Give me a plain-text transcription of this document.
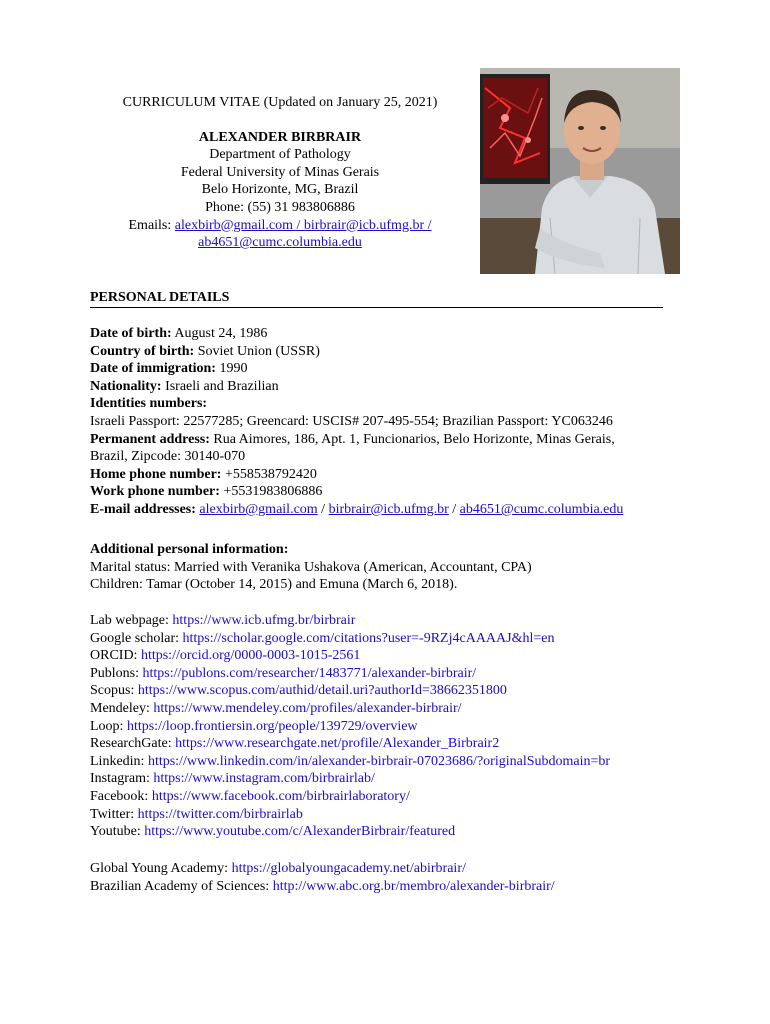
CURRICULUM VITAE (Updated on January 25, 2021)
ALEXANDER BIRBRAIR
Department of Pathology
Federal University of Minas Gerais
Belo Horizonte, MG, Brazil
Phone: (55) 31 983806886
Emails: alexbirb@gmail.com / birbrair@icb.ufmg.br /
ab4651@cumc.columbia.edu
PERSONAL DETAILS
Date of birth: August 24, 1986
Country of birth: Soviet Union (USSR)
Date of immigration: 1990
Nationality: Israeli and Brazilian
Identities numbers:
Israeli Passport: 22577285; Greencard: USCIS# 207-495-554; Brazilian Passport: YC063246
Permanent address: Rua Aimores, 186, Apt. 1, Funcionarios, Belo Horizonte, Minas Gerais,
Brazil, Zipcode: 30140-070
Home phone number: +558538792420
Work phone number: +5531983806886
E-mail addresses: alexbirb@gmail.com / birbrair@icb.ufmg.br / ab4651@cumc.columbia.edu
Additional personal information:
Marital status: Married with Veranika Ushakova (American, Accountant, CPA)
Children: Tamar (October 14, 2015) and Emuna (March 6, 2018).
Lab webpage: https://www.icb.ufmg.br/birbrair
Google scholar: https://scholar.google.com/citations?user=-9RZj4cAAAAJ&hl=en
ORCID: https://orcid.org/0000-0003-1015-2561
Publons: https://publons.com/researcher/1483771/alexander-birbrair/
Scopus: https://www.scopus.com/authid/detail.uri?authorId=38662351800
Mendeley: https://www.mendeley.com/profiles/alexander-birbrair/
Loop: https://loop.frontiersin.org/people/139729/overview
ResearchGate: https://www.researchgate.net/profile/Alexander_Birbrair2
Linkedin: https://www.linkedin.com/in/alexander-birbrair-07023686/?originalSubdomain=br
Instagram: https://www.instagram.com/birbrairlab/
Facebook: https://www.facebook.com/birbrairlaboratory/
Twitter: https://twitter.com/birbrairlab
Youtube: https://www.youtube.com/c/AlexanderBirbrair/featured
Global Young Academy: https://globalyoungacademy.net/abirbrair/
Brazilian Academy of Sciences: http://www.abc.org.br/membro/alexander-birbrair/
